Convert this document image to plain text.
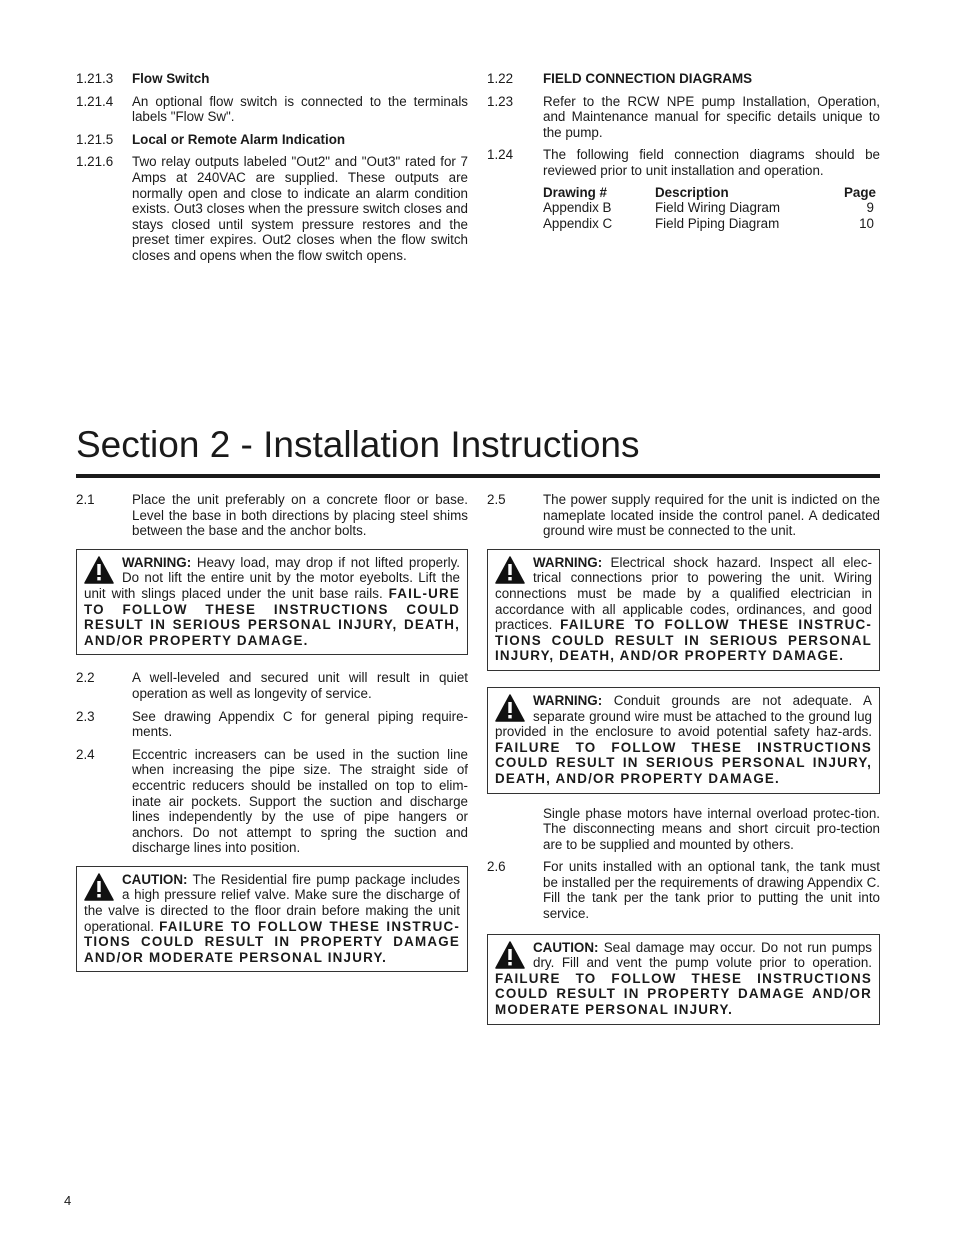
1.21.3	Flow Switch
1.21.4	An optional flow switch is connected to the terminals labels "Flow Sw".
1.21.5	Local or Remote Alarm Indication
1.21.6	Two relay outputs labeled "Out2" and "Out3" rated for 7 Amps at 240VAC are supplied. These outputs are normally open and close to indicate an alarm condition exists. Out3 closes when the pressure switch closes and stays closed until system pressure restores and the preset timer expires. Out2 closes when the flow switch closes and opens when the flow switch opens.
1.22	FIELD CONNECTION DIAGRAMS
1.23	Refer to the RCW NPE pump Installation, Operation, and Maintenance manual for specific details unique to the pump.
1.24	The following field connection diagrams should be reviewed prior to unit installation and operation.
Drawing #	Description	Page
Appendix B	Field Wiring Diagram	9
Appendix C	Field Piping Diagram	10
Section 2 - Installation Instructions
2.1	Place the unit preferably on a concrete floor or base. Level the base in both directions by placing steel shims between the base and the anchor bolts.
WARNING: Heavy load, may drop if not lifted properly. Do not lift the entire unit by the motor eyebolts. Lift the unit with slings placed under the unit base rails. FAIL-URE TO FOLLOW THESE INSTRUCTIONS COULD RESULT IN SERIOUS PERSONAL INJURY, DEATH, AND/OR PROPERTY DAMAGE.
2.2	A well-leveled and secured unit will result in quiet operation as well as longevity of service.
2.3	See drawing Appendix C for general piping require-ments.
2.4	Eccentric increasers can be used in the suction line when increasing the pipe size. The straight side of eccentric reducers should be installed on top to elim-inate air pockets. Support the suction and discharge lines independently by the use of pipe hangers or anchors. Do not attempt to spring the suction and discharge lines into position.
CAUTION: The Residential fire pump package includes a high pressure relief valve. Make sure the discharge of the valve is directed to the floor drain before making the unit operational. FAILURE TO FOLLOW THESE INSTRUC-TIONS COULD RESULT IN PROPERTY DAMAGE AND/OR MODERATE PERSONAL INJURY.
2.5	The power supply required for the unit is indicted on the nameplate located inside the control panel. A dedicated ground wire must be connected to the unit.
WARNING: Electrical shock hazard. Inspect all elec-trical connections prior to powering the unit. Wiring connections must be made by a qualified electrician in accordance with all applicable codes, ordinances, and good practices. FAILURE TO FOLLOW THESE INSTRUC-TIONS COULD RESULT IN SERIOUS PERSONAL INJURY, DEATH, AND/OR PROPERTY DAMAGE.
WARNING: Conduit grounds are not adequate. A separate ground wire must be attached to the ground lug provided in the enclosure to avoid potential safety haz-ards. FAILURE TO FOLLOW THESE INSTRUCTIONS COULD RESULT IN SERIOUS PERSONAL INJURY, DEATH, AND/OR PROPERTY DAMAGE.
Single phase motors have internal overload protec-tion. The disconnecting means and short circuit pro-tection are to be supplied and mounted by others.
2.6	For units installed with an optional tank, the tank must be installed per the requirements of drawing Appendix C. Fill the tank per the tank prior to putting the unit into service.
CAUTION: Seal damage may occur. Do not run pumps dry. Fill and vent the pump volute prior to operation. FAILURE TO FOLLOW THESE INSTRUCTIONS COULD RESULT IN PROPERTY DAMAGE AND/OR MODERATE PERSONAL INJURY.
4
